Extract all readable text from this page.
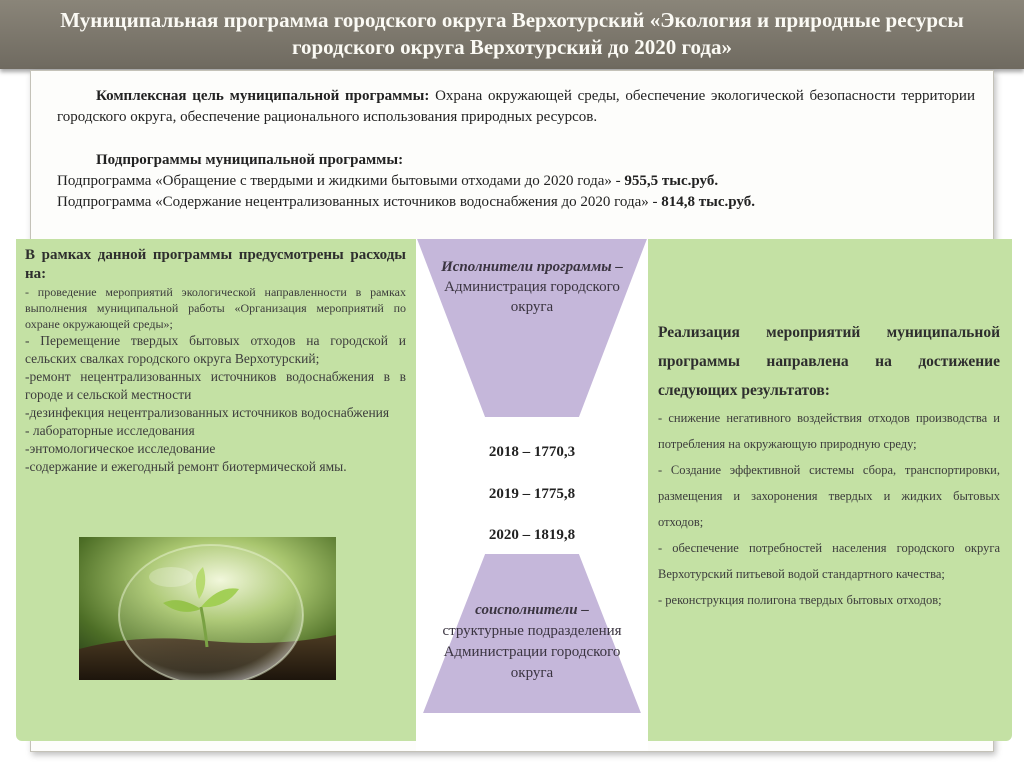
Муниципальная программа городского округа Верхотурский «Экология и природные ресурсы
городского округа Верхотурский до 2020 года»
Комплексная цель муниципальной программы: Охрана окружающей среды, обеспечение экологической безопасности территории городского округа, обеспечение рационального использования природных ресурсов.
Подпрограммы муниципальной программы:
Подпрограмма «Обращение с твердыми и жидкими бытовыми отходами до 2020 года» - 955,5 тыс.руб.
Подпрограмма «Содержание нецентрализованных источников водоснабжения до 2020 года» - 814,8 тыс.руб.
В рамках данной программы предусмотрены расходы на:
- проведение мероприятий экологической направленности в рамках выполнения муниципальной работы «Организация мероприятий по охране окружающей среды»;
- Перемещение твердых бытовых отходов на городской и сельских свалках городского округа Верхотурский;
-ремонт нецентрализованных источников водоснабжения в в городе и сельской местности
-дезинфекция нецентрализованных источников водоснабжения
- лабораторные исследования
-энтомологическое исследование
-содержание и ежегодный ремонт биотермической ямы.
Исполнители программы –
Администрация городского округа
2018 – 1770,3
2019 – 1775,8
2020 – 1819,8
соисполнители –
структурные подразделения Администрации городского округа
Реализация мероприятий муниципальной программы направлена на достижение следующих результатов:
- снижение негативного воздействия отходов производства и потребления на окружающую природную среду;
- Создание эффективной системы сбора, транспортировки, размещения и захоронения твердых и жидких бытовых отходов;
- обеспечение потребностей населения городского округа Верхотурский питьевой водой стандартного качества;
- реконструкция полигона твердых бытовых отходов;
